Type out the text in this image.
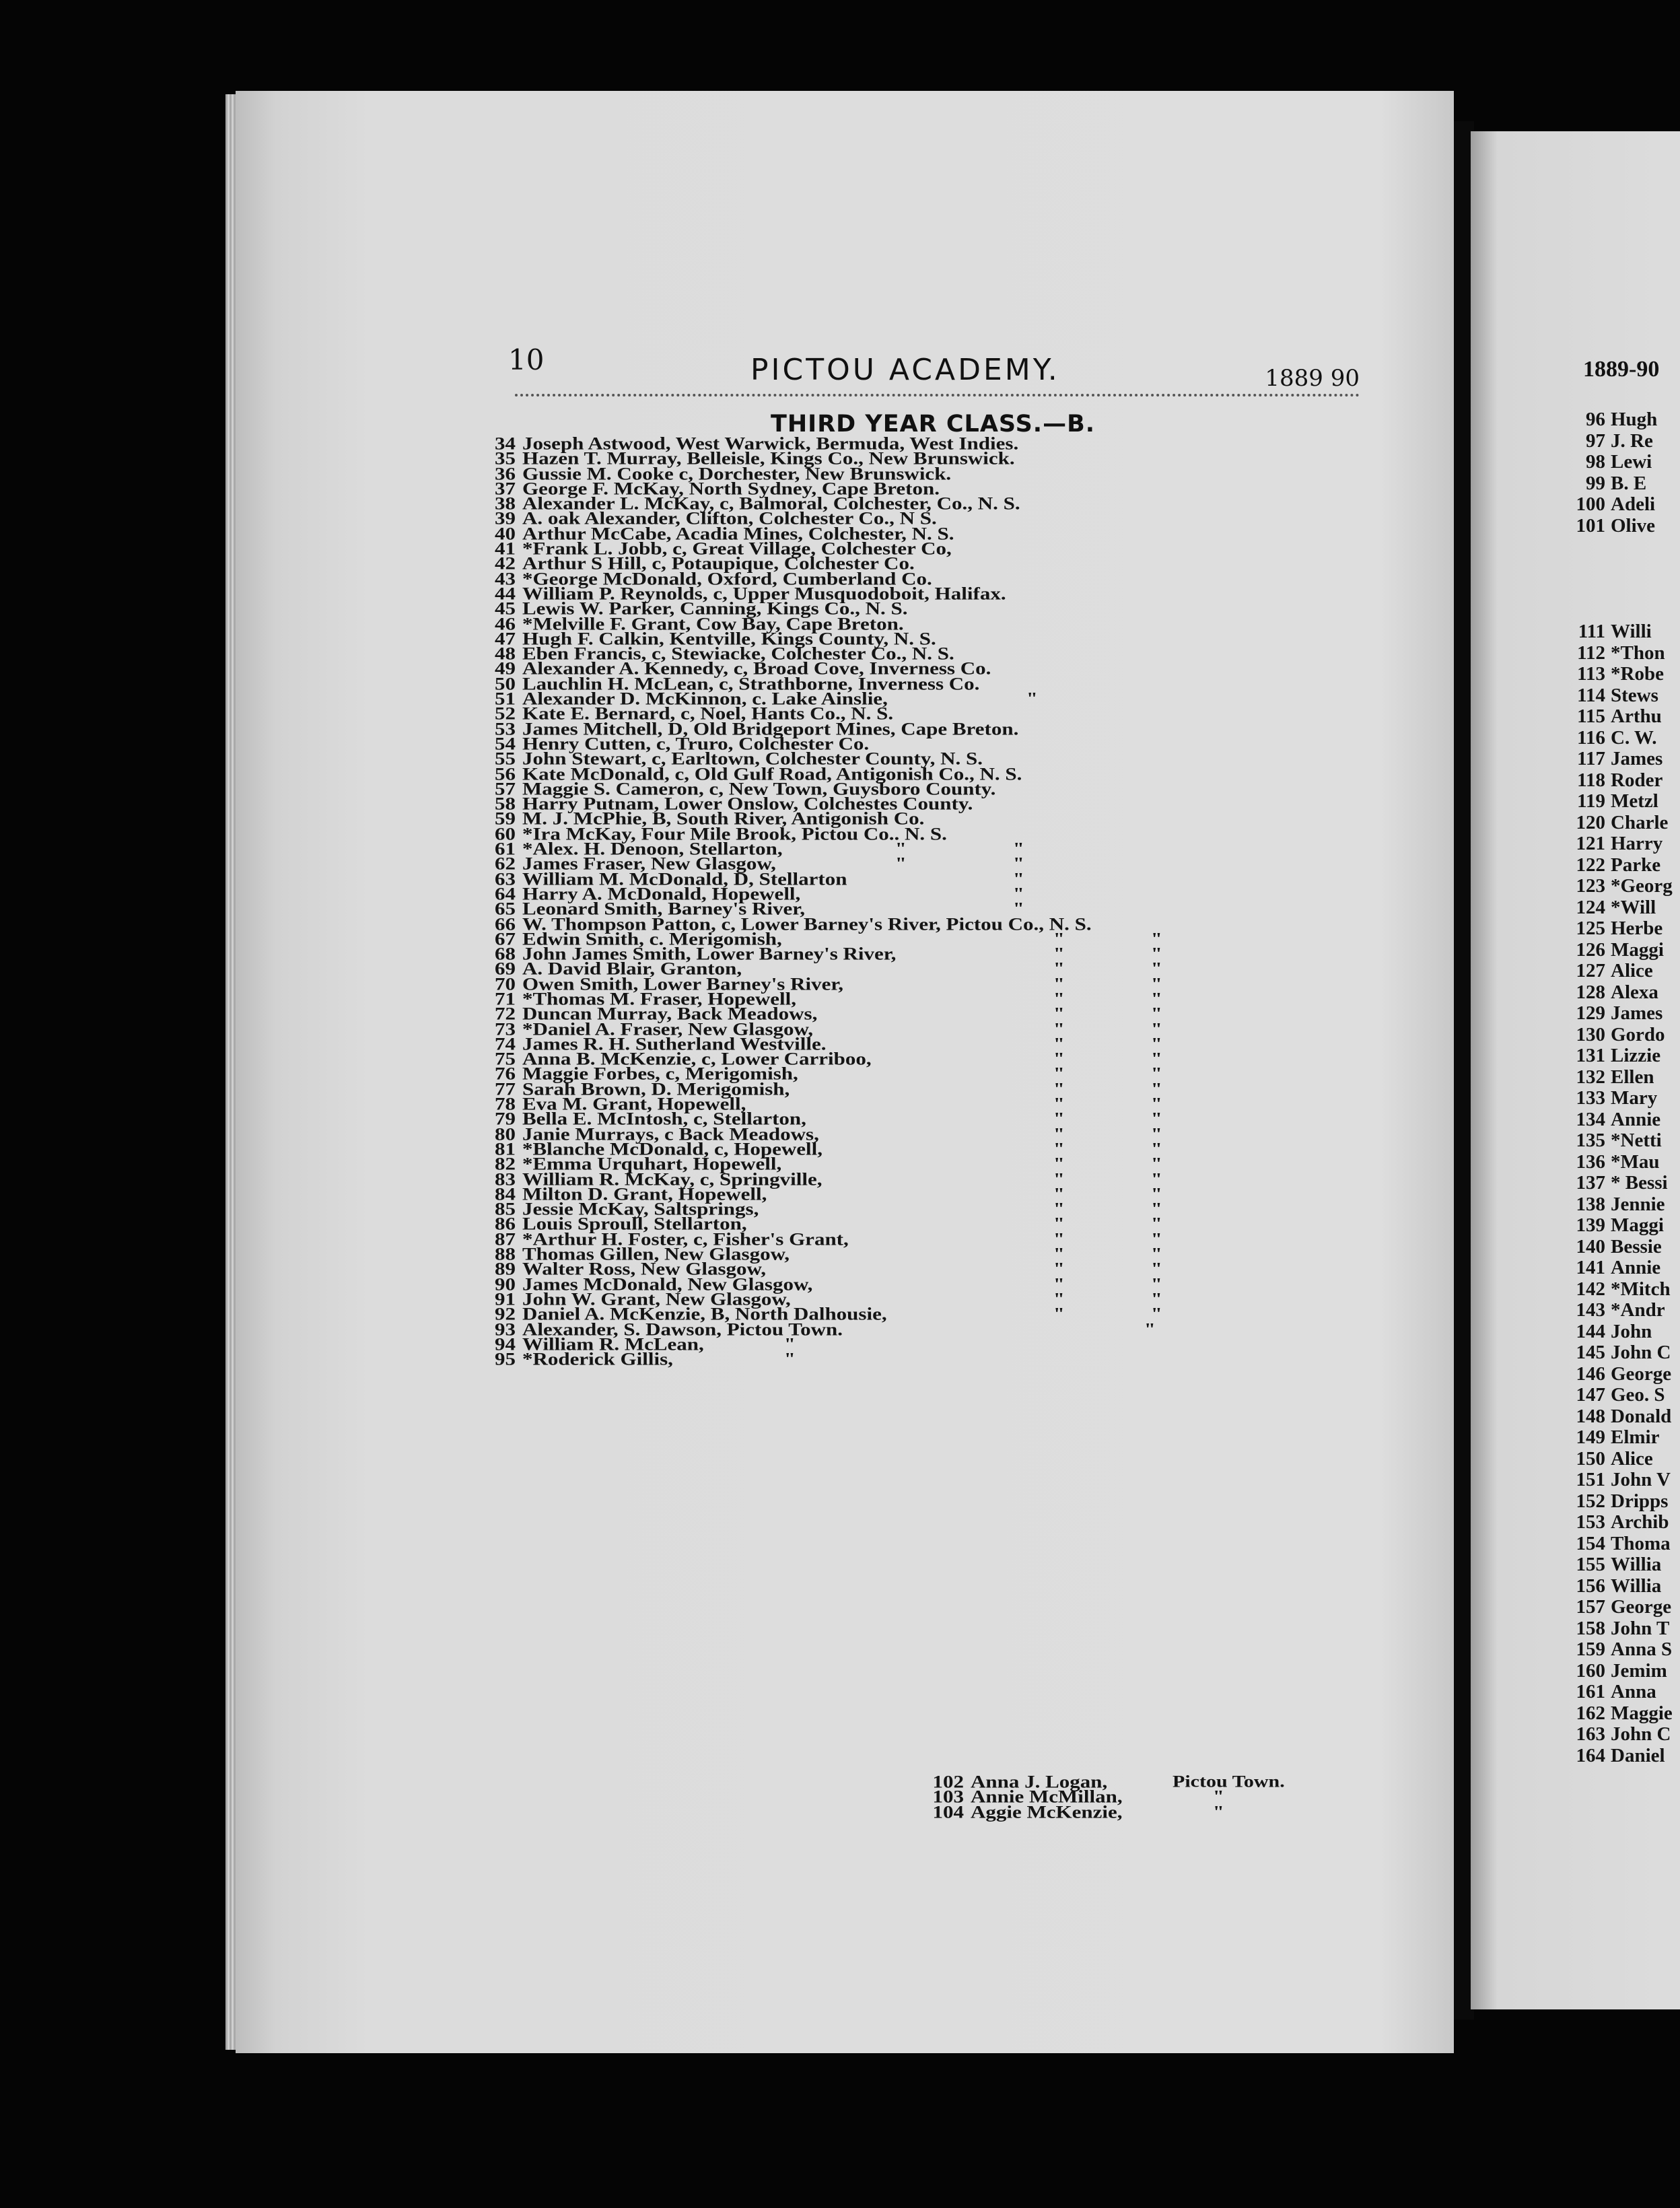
10	PICTOU ACADEMY.	1889 90
THIRD YEAR CLASS.—B.
34 Joseph Astwood, West Warwick, Bermuda, West Indies.
35 Hazen T. Murray, Belleisle, Kings Co., New Brunswick.
36 Gussie M. Cooke c, Dorchester, New Brunswick.
37 George F. McKay, North Sydney, Cape Breton.
38 Alexander L. McKay, c, Balmoral, Colchester, Co., N. S.
39 A. oak Alexander, Clifton, Colchester Co., N S.
40 Arthur McCabe, Acadia Mines, Colchester, N. S.
41 *Frank L. Jobb, c, Great Village, Colchester Co,
42 Arthur S Hill, c, Potaupique, Colchester Co.
43 *George McDonald, Oxford, Cumberland Co.
44 William P. Reynolds, c, Upper Musquodoboit, Halifax.
45 Lewis W. Parker, Canning, Kings Co., N. S.
46 *Melville F. Grant, Cow Bay, Cape Breton.
47 Hugh F. Calkin, Kentville, Kings County, N. S.
48 Eben Francis, c, Stewiacke, Colchester Co., N. S.
49 Alexander A. Kennedy, c, Broad Cove, Inverness Co.
50 Lauchlin H. McLean, c, Strathborne, Inverness Co.
51 Alexander D. McKinnon, c. Lake Ainslie,	"
52 Kate E. Bernard, c, Noel, Hants Co., N. S.
53 James Mitchell, D, Old Bridgeport Mines, Cape Breton.
54 Henry Cutten, c, Truro, Colchester Co.
55 John Stewart, c, Earltown, Colchester County, N. S.
56 Kate McDonald, c, Old Gulf Road, Antigonish Co., N. S.
57 Maggie S. Cameron, c, New Town, Guysboro County.
58 Harry Putnam, Lower Onslow, Colchestes County.
59 M. J. McPhie, B, South River, Antigonish Co.
60 *Ira McKay, Four Mile Brook, Pictou Co.. N. S.
61 *Alex. H. Denoon, Stellarton,	"	"
62 James Fraser, New Glasgow,	"	"
63 William M. McDonald, D, Stellarton	"
64 Harry A. McDonald, Hopewell,	"
65 Leonard Smith, Barney's River,	"
66 W. Thompson Patton, c, Lower Barney's River, Pictou Co., N. S.
67 Edwin Smith, c. Merigomish,	"	"
68 John James Smith, Lower Barney's River,	"	"
69 A. David Blair, Granton,	"	"
70 Owen Smith, Lower Barney's River,	"	"
71 *Thomas M. Fraser, Hopewell,	"	"
72 Duncan Murray, Back Meadows,	"	"
73 *Daniel A. Fraser, New Glasgow,	"	"
74 James R. H. Sutherland Westville.	"	"
75 Anna B. McKenzie, c, Lower Carriboo,	"	"
76 Maggie Forbes, c, Merigomish,	"	"
77 Sarah Brown, D. Merigomish,	"	"
78 Eva M. Grant, Hopewell,	"	"
79 Bella E. McIntosh, c, Stellarton,	"	"
80 Janie Murrays, c Back Meadows,	"	"
81 *Blanche McDonald, c, Hopewell,	"	"
82 *Emma Urquhart, Hopewell,	"	"
83 William R. McKay, c, Springville,	"	"
84 Milton D. Grant, Hopewell,	"	"
85 Jessie McKay, Saltsprings,	"	"
86 Louis Sproull, Stellarton,	"	"
87 *Arthur H. Foster, c, Fisher's Grant,	"	"
88 Thomas Gillen, New Glasgow,	"	"
89 Walter Ross, New Glasgow,	"	"
90 James McDonald, New Glasgow,	"	"
91 John W. Grant, New Glasgow,	"	"
92 Daniel A. McKenzie, B, North Dalhousie,	"	"
93 Alexander, S. Dawson, Pictou Town.	"
94 William R. McLean,	"
95 *Roderick Gillis,	"
102 Anna J. Logan,	Pictou Town.
103 Annie McMillan,	"
104 Aggie McKenzie,	"
1889-90
96 Hugh
97 J. Re
98 Lewi
99 B. E
100 Adeli
101 Olive
111 Willi
112 *Thon
113 *Robe
114 Stews
115 Arthu
116 C. W.
117 James
118 Roder
119 Metzl
120 Charle
121 Harry
122 Parke
123 *Georg
124 *Will
125 Herbe
126 Maggi
127 Alice
128 Alexa
129 James
130 Gordo
131 Lizzie
132 Ellen
133 Mary
134 Annie
135 *Netti
136 *Mau
137 * Bessi
138 Jennie
139 Maggi
140 Bessie
141 Annie
142 *Mitch
143 *Andr
144 John
145 John C
146 George
147 Geo. S
148 Donald
149 Elmir
150 Alice
151 John V
152 Dripps
153 Archib
154 Thoma
155 Willia
156 Willia
157 George
158 John T
159 Anna S
160 Jemim
161 Anna
162 Maggie
163 John C
164 Daniel
